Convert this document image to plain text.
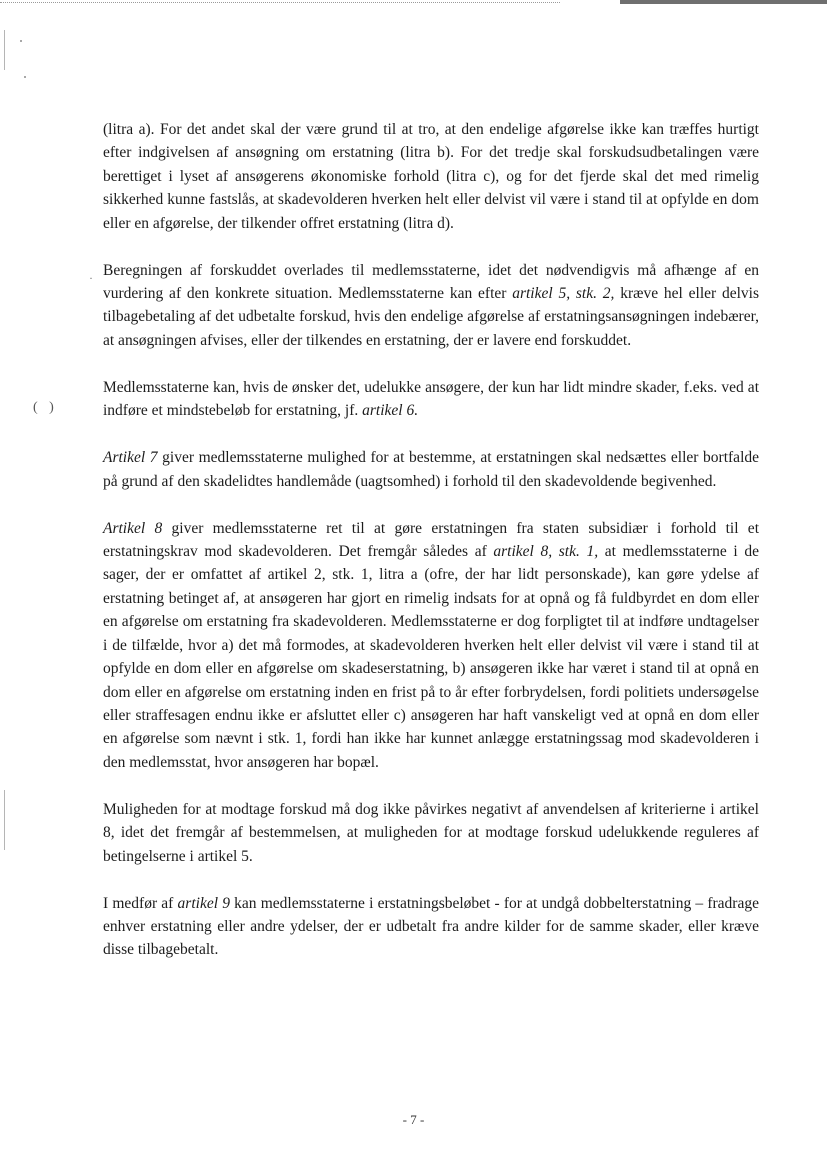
( )
·

(litra a). For det andet skal der være grund til at tro, at den endelige afgørelse ikke kan træffes hurtigt efter indgivelsen af ansøgning om erstatning (litra b). For det tredje skal forskudsudbetalingen være berettiget i lyset af ansøgerens økonomiske forhold (litra c), og for det fjerde skal det med rimelig sikkerhed kunne fastslås, at skadevolderen hverken helt eller delvist vil være i stand til at opfylde en dom eller en afgørelse, der tilkender offret erstatning (litra d).

Beregningen af forskuddet overlades til medlemsstaterne, idet det nødvendigvis må afhænge af en vurdering af den konkrete situation. Medlemsstaterne kan efter artikel 5, stk. 2, kræve hel eller delvis tilbagebetaling af det udbetalte forskud, hvis den endelige afgørelse af erstatningsansøgningen indebærer, at ansøgningen afvises, eller der tilkendes en erstatning, der er lavere end forskuddet.

Medlemsstaterne kan, hvis de ønsker det, udelukke ansøgere, der kun har lidt mindre skader, f.eks. ved at indføre et mindstebeløb for erstatning, jf. artikel 6.

Artikel 7 giver medlemsstaterne mulighed for at bestemme, at erstatningen skal nedsættes eller bortfalde på grund af den skadelidtes handlemåde (uagtsomhed) i forhold til den skadevoldende begivenhed.

Artikel 8 giver medlemsstaterne ret til at gøre erstatningen fra staten subsidiær i forhold til et erstatningskrav mod skadevolderen. Det fremgår således af artikel 8, stk. 1, at medlemsstaterne i de sager, der er omfattet af artikel 2, stk. 1, litra a (ofre, der har lidt personskade), kan gøre ydelse af erstatning betinget af, at ansøgeren har gjort en rimelig indsats for at opnå og få fuldbyrdet en dom eller en afgørelse om erstatning fra skadevolderen. Medlemsstaterne er dog forpligtet til at indføre undtagelser i de tilfælde, hvor a) det må formodes, at skadevolderen hverken helt eller delvist vil være i stand til at opfylde en dom eller en afgørelse om skadeserstatning, b) ansøgeren ikke har været i stand til at opnå en dom eller en afgørelse om erstatning inden en frist på to år efter forbrydelsen, fordi politiets undersøgelse eller straffesagen endnu ikke er afsluttet eller c) ansøgeren har haft vanskeligt ved at opnå en dom eller en afgørelse som nævnt i stk. 1, fordi han ikke har kunnet anlægge erstatningssag mod skadevolderen i den medlemsstat, hvor ansøgeren har bopæl.

Muligheden for at modtage forskud må dog ikke påvirkes negativt af anvendelsen af kriterierne i artikel 8, idet det fremgår af bestemmelsen, at muligheden for at modtage forskud udelukkende reguleres af betingelserne i artikel 5.

I medfør af artikel 9 kan medlemsstaterne i erstatningsbeløbet - for at undgå dobbelterstatning – fradrage enhver erstatning eller andre ydelser, der er udbetalt fra andre kilder for de samme skader, eller kræve disse tilbagebetalt.

- 7 -
